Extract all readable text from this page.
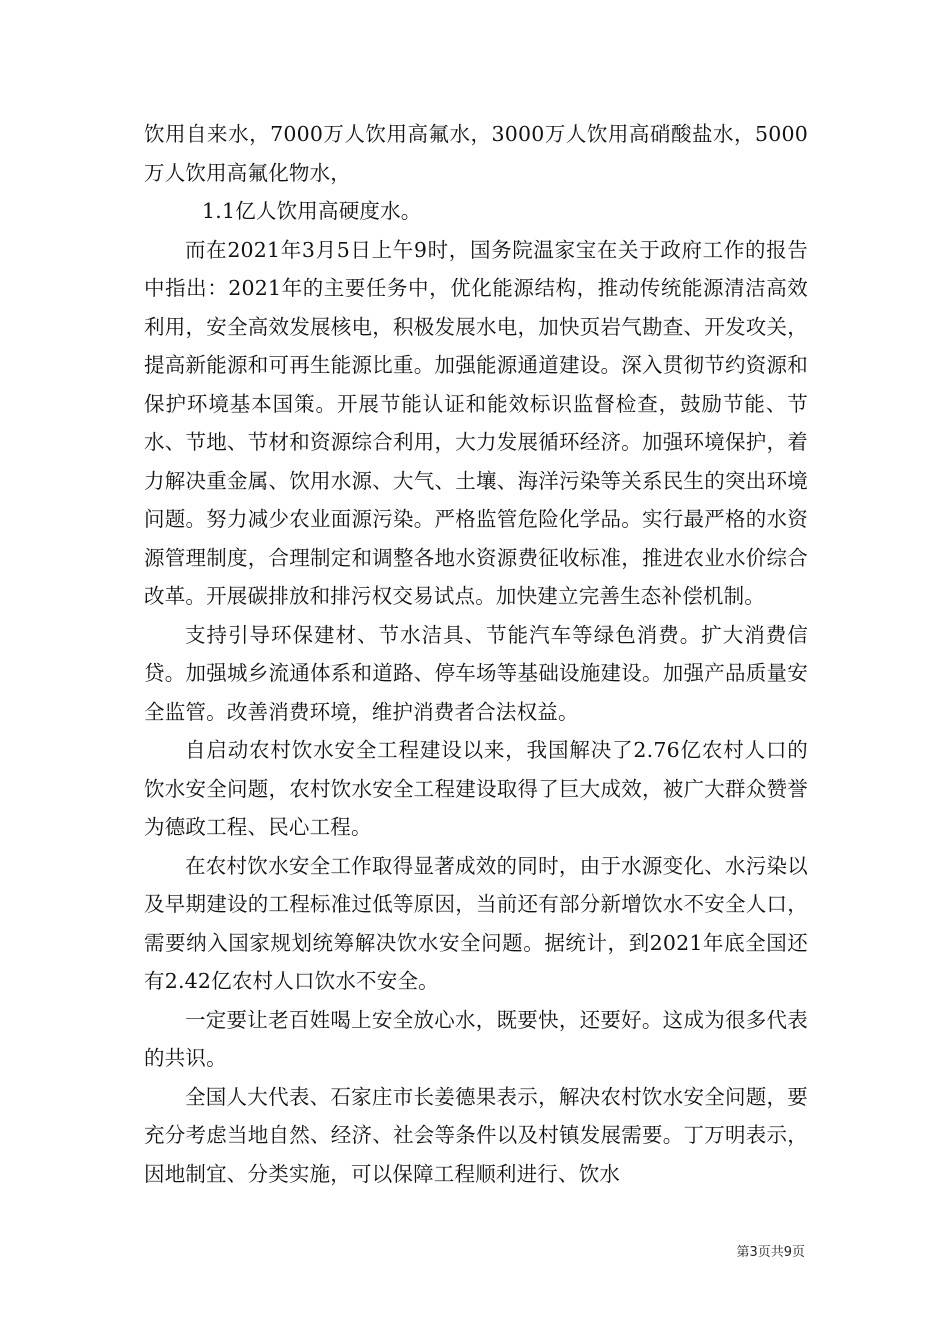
饮用自来水，7000万人饮用高氟水，3000万人饮用高硝酸盐水，5000万人饮用高氟化物水，

1.1亿人饮用高硬度水。

而在2021年3月5日上午9时，国务院温家宝在关于政府工作的报告中指出：2021年的主要任务中，优化能源结构，推动传统能源清洁高效利用，安全高效发展核电，积极发展水电，加快页岩气勘查、开发攻关，提高新能源和可再生能源比重。加强能源通道建设。深入贯彻节约资源和保护环境基本国策。开展节能认证和能效标识监督检查，鼓励节能、节水、节地、节材和资源综合利用，大力发展循环经济。加强环境保护，着力解决重金属、饮用水源、大气、土壤、海洋污染等关系民生的突出环境问题。努力减少农业面源污染。严格监管危险化学品。实行最严格的水资源管理制度，合理制定和调整各地水资源费征收标准，推进农业水价综合改革。开展碳排放和排污权交易试点。加快建立完善生态补偿机制。

支持引导环保建材、节水洁具、节能汽车等绿色消费。扩大消费信贷。加强城乡流通体系和道路、停车场等基础设施建设。加强产品质量安全监管。改善消费环境，维护消费者合法权益。

自启动农村饮水安全工程建设以来，我国解决了2.76亿农村人口的饮水安全问题，农村饮水安全工程建设取得了巨大成效，被广大群众赞誉为德政工程、民心工程。

在农村饮水安全工作取得显著成效的同时，由于水源变化、水污染以及早期建设的工程标准过低等原因，当前还有部分新增饮水不安全人口，需要纳入国家规划统筹解决饮水安全问题。据统计，到2021年底全国还有2.42亿农村人口饮水不安全。

一定要让老百姓喝上安全放心水，既要快，还要好。这成为很多代表的共识。

全国人大代表、石家庄市长姜德果表示，解决农村饮水安全问题，要充分考虑当地自然、经济、社会等条件以及村镇发展需要。丁万明表示，因地制宜、分类实施，可以保障工程顺利进行、饮水

第3页共9页
